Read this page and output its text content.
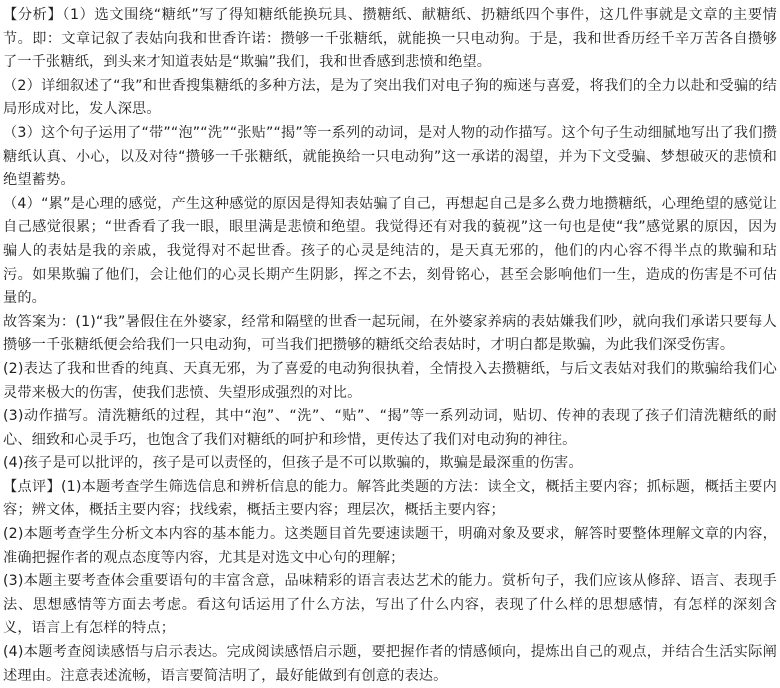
【分析】（1）选文围绕“糖纸”写了得知糖纸能换玩具、攒糖纸、献糖纸、扔糖纸四个事件，这几件事就是文章的主要情节。即：文章记叙了表姑向我和世香许诺：攒够一千张糖纸，就能换一只电动狗。于是，我和世香历经千辛万苦各自攒够了一千张糖纸，到头来才知道表姑是“欺骗”我们，我和世香感到悲愤和绝望。

（2）详细叙述了“我”和世香搜集糖纸的多种方法，是为了突出我们对电子狗的痴迷与喜爱，将我们的全力以赴和受骗的结局形成对比，发人深思。

（3）这个句子运用了“带”“泡”“洗”“张贴”“揭”等一系列的动词，是对人物的动作描写。这个句子生动细腻地写出了我们攒糖纸认真、小心，以及对待“攒够一千张糖纸，就能换给一只电动狗”这一承诺的渴望，并为下文受骗、梦想破灭的悲愤和绝望蓄势。

（4）“累”是心理的感觉，产生这种感觉的原因是得知表姑骗了自己，再想起自己是多么费力地攒糖纸，心理绝望的感觉让自己感觉很累；“世香看了我一眼，眼里满是悲愤和绝望。我觉得还有对我的藐视”这一句也是使“我”感觉累的原因，因为骗人的表姑是我的亲戚，我觉得对不起世香。孩子的心灵是纯洁的，是天真无邪的，他们的内心容不得半点的欺骗和玷污。如果欺骗了他们，会让他们的心灵长期产生阴影，挥之不去，刻骨铭心，甚至会影响他们一生，造成的伤害是不可估量的。

故答案为：(1)“我”暑假住在外婆家，经常和隔壁的世香一起玩闹，在外婆家养病的表姑嫌我们吵，就向我们承诺只要每人攒够一千张糖纸便会给我们一只电动狗，可当我们把攒够的糖纸交给表姑时，才明白都是欺骗，为此我们深受伤害。

(2)表达了我和世香的纯真、天真无邪，为了喜爱的电动狗很执着，全情投入去攒糖纸，与后文表姑对我们的欺骗给我们心灵带来极大的伤害，使我们悲愤、失望形成强烈的对比。

(3)动作描写。清洗糖纸的过程，其中“泡”、“洗”、“贴”、“揭”等一系列动词，贴切、传神的表现了孩子们清洗糖纸的耐心、细致和心灵手巧，也饱含了我们对糖纸的呵护和珍惜，更传达了我们对电动狗的神往。

(4)孩子是可以批评的，孩子是可以责怪的，但孩子是不可以欺骗的，欺骗是最深重的伤害。

【点评】(1)本题考查学生筛选信息和辨析信息的能力。解答此类题的方法：读全文，概括主要内容；抓标题，概括主要内容；辨文体，概括主要内容；找线索，概括主要内容；理层次，概括主要内容；

(2)本题考查学生分析文本内容的基本能力。这类题目首先要速读题干，明确对象及要求，解答时要整体理解文章的内容，准确把握作者的观点态度等内容，尤其是对选文中心句的理解；

(3)本题主要考查体会重要语句的丰富含意，品味精彩的语言表达艺术的能力。赏析句子，我们应该从修辞、语言、表现手法、思想感情等方面去考虑。看这句话运用了什么方法，写出了什么内容，表现了什么样的思想感情，有怎样的深刻含义，语言上有怎样的特点；

(4)本题考查阅读感悟与启示表达。完成阅读感悟启示题，要把握作者的情感倾向，提炼出自己的观点，并结合生活实际阐述理由。注意表述流畅，语言要简洁明了，最好能做到有创意的表达。
